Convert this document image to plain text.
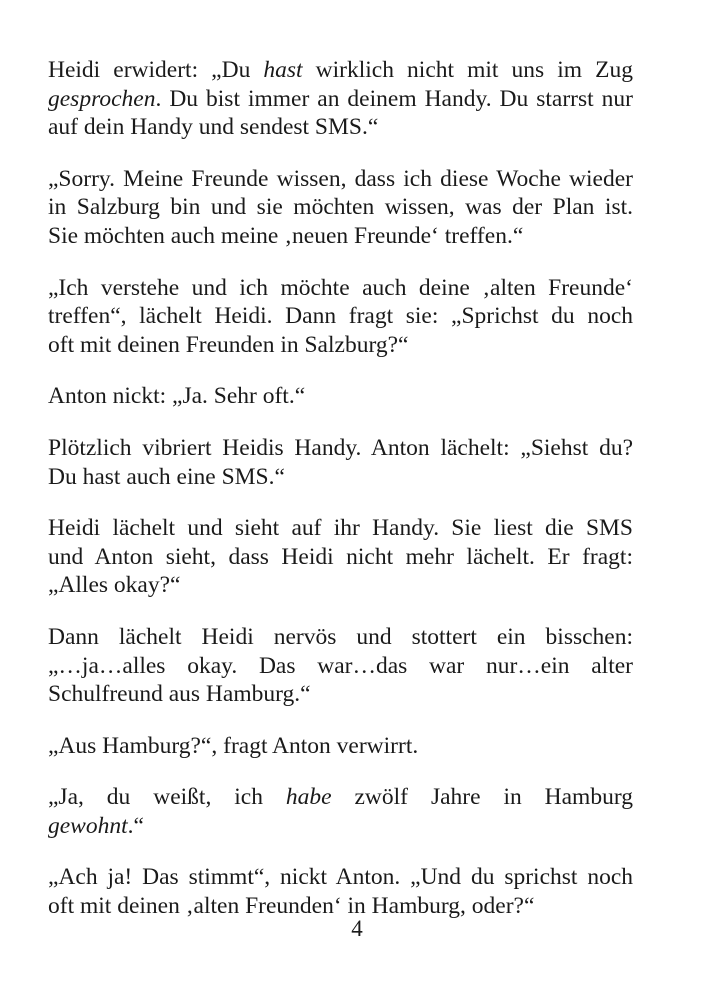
Heidi erwidert: „Du hast wirklich nicht mit uns im Zug
gesprochen. Du bist immer an deinem Handy. Du starrst nur
auf dein Handy und sendest SMS.“

„Sorry. Meine Freunde wissen, dass ich diese Woche wieder
in Salzburg bin und sie möchten wissen, was der Plan ist.
Sie möchten auch meine ‚neuen Freunde‘ treffen.“

„Ich verstehe und ich möchte auch deine ‚alten Freunde‘
treffen“, lächelt Heidi. Dann fragt sie: „Sprichst du noch
oft mit deinen Freunden in Salzburg?“

Anton nickt: „Ja. Sehr oft.“

Plötzlich vibriert Heidis Handy. Anton lächelt: „Siehst du?
Du hast auch eine SMS.“

Heidi lächelt und sieht auf ihr Handy. Sie liest die SMS
und Anton sieht, dass Heidi nicht mehr lächelt. Er fragt:
„Alles okay?“

Dann lächelt Heidi nervös und stottert ein bisschen:
„…ja…alles okay. Das war…das war nur…ein alter
Schulfreund aus Hamburg.“

„Aus Hamburg?“, fragt Anton verwirrt.

„Ja, du weißt, ich habe zwölf Jahre in Hamburg
gewohnt.“

„Ach ja! Das stimmt“, nickt Anton. „Und du sprichst noch
oft mit deinen ‚alten Freunden‘ in Hamburg, oder?“

4
